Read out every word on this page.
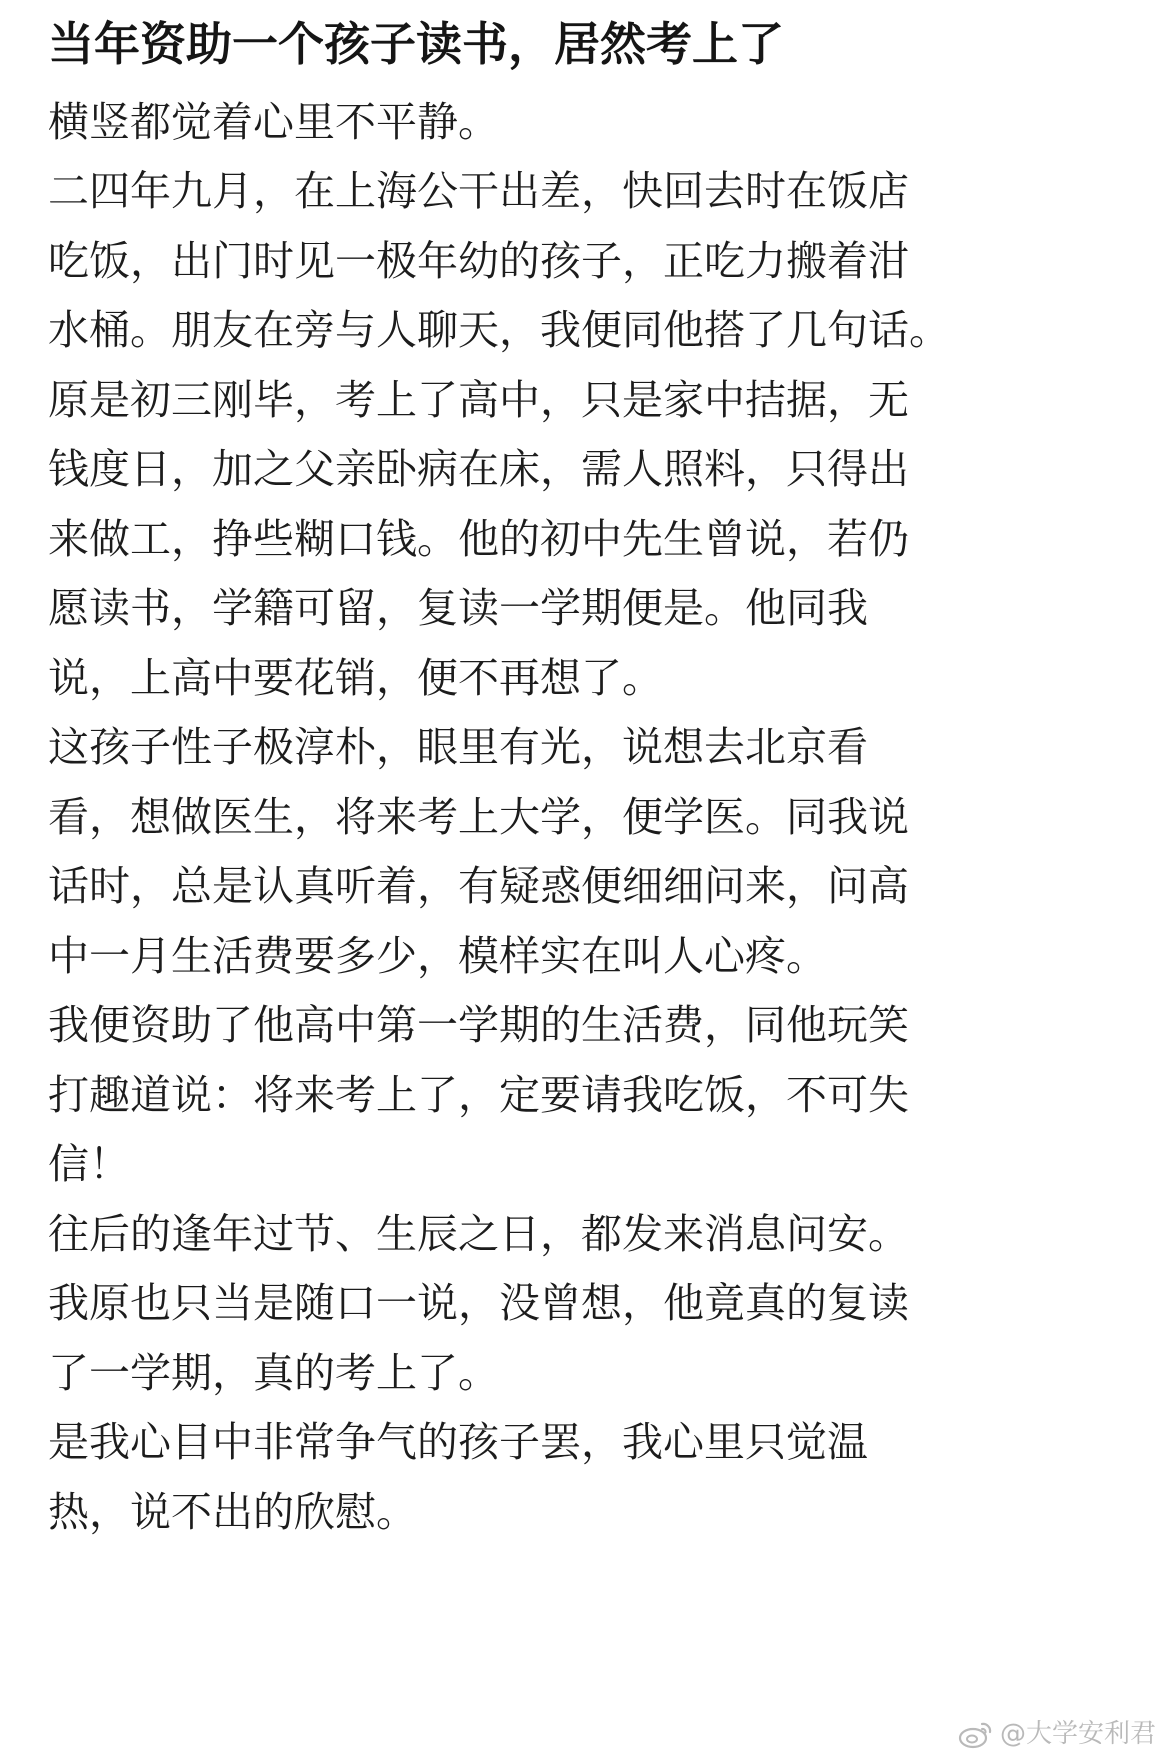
当年资助一个孩子读书，居然考上了
横竖都觉着心里不平静。
二四年九月，在上海公干出差，快回去时在饭店
吃饭，出门时见一极年幼的孩子，正吃力搬着泔
水桶。朋友在旁与人聊天，我便同他搭了几句话。
原是初三刚毕，考上了高中，只是家中拮据，无
钱度日，加之父亲卧病在床，需人照料，只得出
来做工，挣些糊口钱。他的初中先生曾说，若仍
愿读书，学籍可留，复读一学期便是。他同我
说，上高中要花销，便不再想了。
这孩子性子极淳朴，眼里有光，说想去北京看
看，想做医生，将来考上大学，便学医。同我说
话时，总是认真听着，有疑惑便细细问来，问高
中一月生活费要多少，模样实在叫人心疼。
我便资助了他高中第一学期的生活费，同他玩笑
打趣道说：将来考上了，定要请我吃饭，不可失
信！
往后的逢年过节、生辰之日，都发来消息问安。
我原也只当是随口一说，没曾想，他竟真的复读
了一学期，真的考上了。
是我心目中非常争气的孩子罢，我心里只觉温
热，说不出的欣慰。
@大学安利君
